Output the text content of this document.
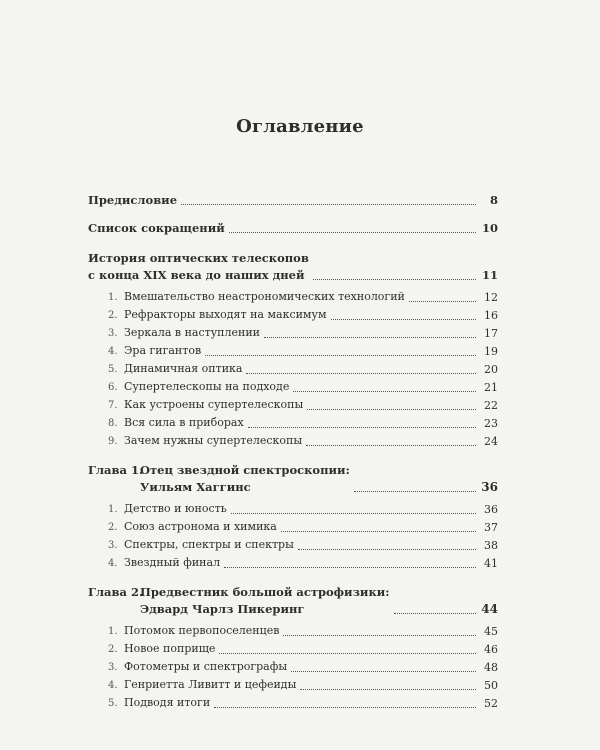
Оглавление
Предисловие	8
Список сокращений	10
История оптических телескопов
с конца XIX века до наших дней	11
1. Вмешательство неастрономических технологий	12
2. Рефракторы выходят на максимум	16
3. Зеркала в наступлении	17
4. Эра гигантов	19
5. Динамичная оптика	20
6. Супертелескопы на подходе	21
7. Как устроены супертелескопы	22
8. Вся сила в приборах	23
9. Зачем нужны супертелескопы	24
Глава 1.Отец звездной спектроскопии:
Уильям Хаггинс	36
1. Детство и юность	36
2. Союз астронома и химика	37
3. Спектры, спектры и спектры	38
4. Звездный финал	41
Глава 2.Предвестник большой астрофизики:
Эдвард Чарлз Пикеринг	44
1. Потомок первопоселенцев	45
2. Новое поприще	46
3. Фотометры и спектрографы	48
4. Генриетта Ливитт и цефеиды	50
5. Подводя итоги	52
